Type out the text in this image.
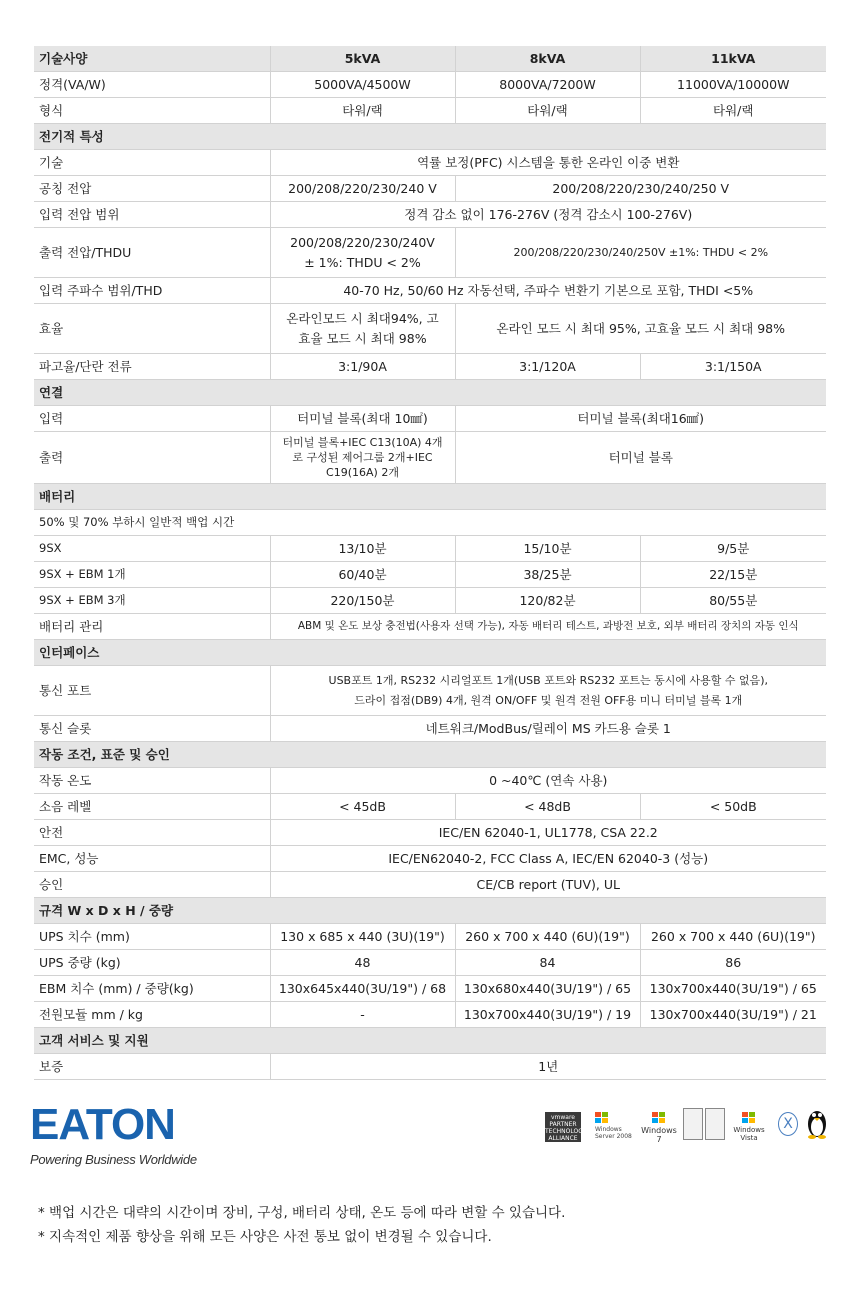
기술사양	5kVA	8kVA	11kVA
정격(VA/W)	5000VA/4500W	8000VA/7200W	11000VA/10000W
형식	타워/랙	타워/랙	타워/랙
전기적 특성			
기술	역률 보정(PFC) 시스템을 통한 온라인 이중 변환		
공칭 전압	200/208/220/230/240 V	200/208/220/230/240/250 V	
입력 전압 범위	정격 감소 없이 176-276V (정격 감소시 100-276V)		
출력 전압/THDU	200/208/220/230/240V ± 1%: THDU < 2%	200/208/220/230/240/250V ±1%: THDU < 2%	
입력 주파수 범위/THD	40-70 Hz, 50/60 Hz 자동선택, 주파수 변환기 기본으로 포함, THDI <5%		
효율	온라인모드 시 최대94%, 고효율 모드 시 최대 98%	온라인 모드 시 최대 95%, 고효율 모드 시 최대 98%	
파고율/단란 전류	3:1/90A	3:1/120A	3:1/150A
연결			
입력	터미널 블록(최대 10㎟)	터미널 블록(최대16㎟)	
출력	터미널 블록+IEC C13(10A) 4개로 구성된 제어그룹 2개+IEC C19(16A) 2개	터미널 블록	
배터리			
50% 및 70% 부하시 일반적 백업 시간			
9SX	13/10분	15/10분	9/5분
9SX + EBM 1개	60/40분	38/25분	22/15분
9SX + EBM 3개	220/150분	120/82분	80/55분
배터리 관리	ABM 및 온도 보상 충전법(사용자 선택 가능), 자동 배터리 테스트, 과방전 보호, 외부 배터리 장치의 자동 인식		
인터페이스			
통신 포트	USB포트 1개, RS232 시리얼포트 1개(USB 포트와 RS232 포트는 동시에 사용할 수 없음),
드라이 접점(DB9) 4개, 원격 ON/OFF 및 원격 전원 OFF용 미니 터미널 블록 1개		

통신 슬롯	네트워크/ModBus/릴레이 MS 카드용 슬롯 1		
작동 조건, 표준 및 승인			
작동 온도	0 ~40℃ (연속 사용)		
소음 레벨	< 45dB	< 48dB	< 50dB
안전	IEC/EN 62040-1, UL1778, CSA 22.2		
EMC, 성능	IEC/EN62040-2, FCC Class A, IEC/EN 62040-3 (성능)		
승인	CE/CB report (TUV), UL		
규격 W x D x H / 중량			
UPS 치수 (mm)	130 x 685 x 440 (3U)(19")	260 x 700 x 440 (6U)(19")	260 x 700 x 440 (6U)(19")
UPS 중량 (kg)	48	84	86
EBM 치수 (mm) / 중량(kg)	130x645x440(3U/19") / 68	130x680x440(3U/19") / 65	130x700x440(3U/19") / 65
전원모듈 mm / kg	-	130x700x440(3U/19") / 19	130x700x440(3U/19") / 21
고객 서비스 및 지원			
보증	1년		
EATON
Powering Business Worldwide
vmware PARTNER TECHNOLOGY ALLIANCE
Windows Server 2008
Windows 7
Windows Vista
X
* 백업 시간은 대략의 시간이며 장비, 구성, 배터리 상태, 온도 등에 따라 변할 수 있습니다.
* 지속적인 제품 향상을 위해 모든 사양은 사전 통보 없이 변경될 수 있습니다.
